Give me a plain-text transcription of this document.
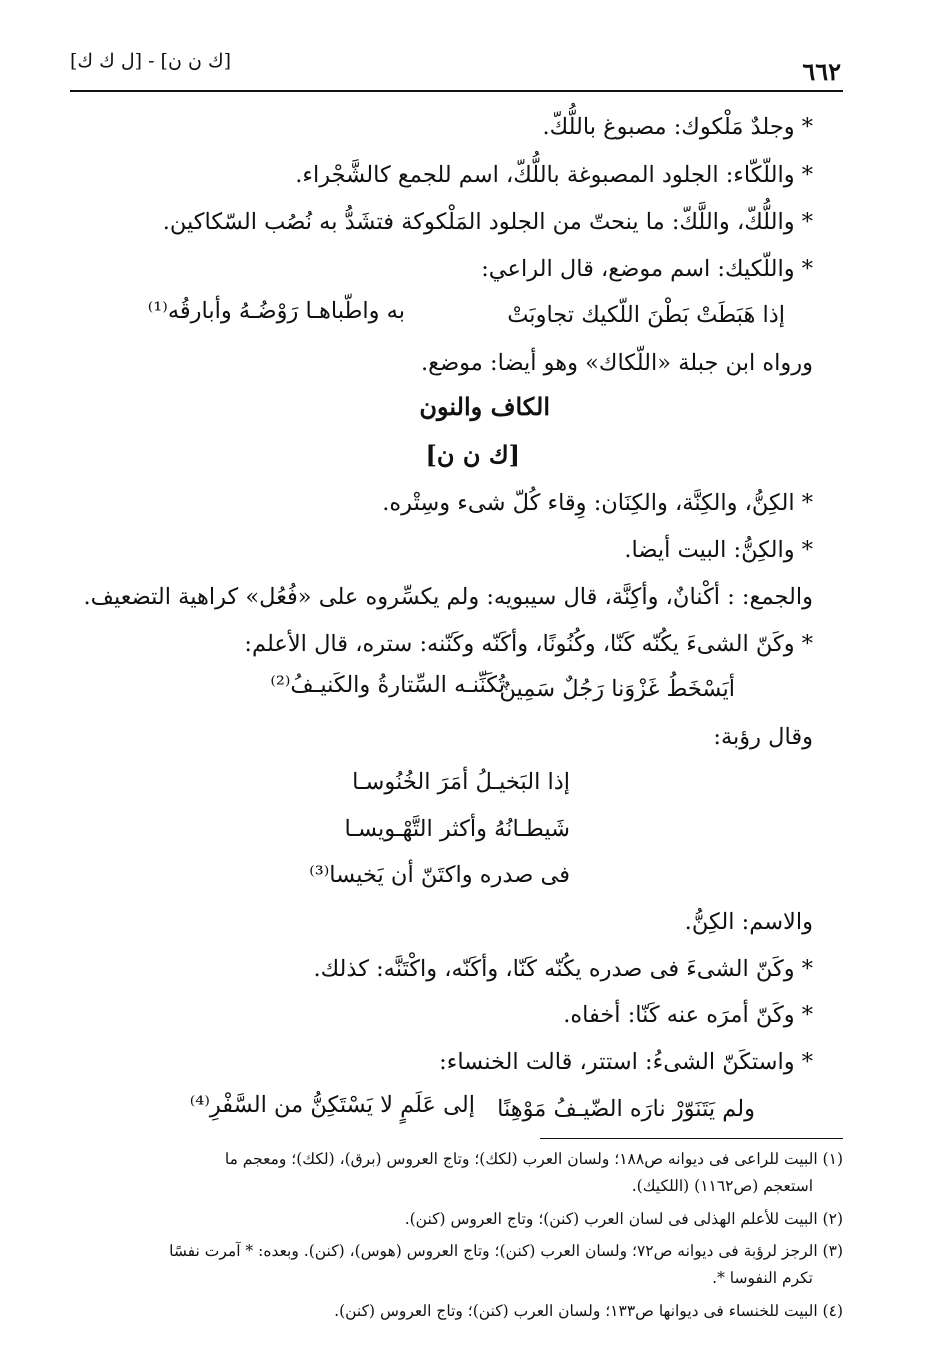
٦٦٢
[ل ك ك] - [ك ن ن]
* وجلدٌ مَلْكوك: مصبوغ باللُّكّ.
* واللّكّاء: الجلود المصبوغة باللُّكّ، اسم للجمع كالشَّجْراء.
* واللُّكّ، واللَّكّ: ما ينحتّ من الجلود المَلْكوكة فتشَدُّ به نُصُب السّكاكين.
* واللّكيك: اسم موضع، قال الراعي:
إذا هَبَطَتْ بَطْنَ اللّكيك تجاوبَتْ
به واطّباهـا رَوْضُـهُ وأبارقُه⁽¹⁾
ورواه ابن جبلة «اللّكاك» وهو أيضا: موضع.
الكاف والنون
[ك ن ن]
* الكِنُّ، والكِنَّة، والكِنَان: وِقاء كُلّ شىء وسِتْره.
* والكِنُّ: البيت أيضا.
والجمع: : أكْنانٌ، وأكِنَّة، قال سيبويه: ولم يكسِّروه على «فُعُل» كراهية التضعيف.
* وكَنّ الشىءَ يكُنّه كَنّا، وكُنُونًا، وأكَنّه وكَنّنه: ستره، قال الأعلم:
أيَسْخَطُ غَزْوَنا رَجُلٌ سَمِينٌ
تُكَنِّنـه السِّتارةُ والكَنيـفُ⁽²⁾
وقال رؤبة:
إذا البَخيـلُ أمَرَ الخُنُوسـا
شَيطـانُهُ وأكثر التَّهْـويسـا
فى صدره واكتَنّ أن يَخيسا⁽³⁾
والاسم: الكِنُّ.
* وكَنّ الشىءَ فى صدره يكُنّه كَنّا، وأكَنّه، واكْتَنَّه: كذلك.
* وكَنّ أمرَه عنه كَنّا: أخفاه.
* واستكَنّ الشىءُ: استتر، قالت الخنساء:
ولم يَتَنَوّرْ نارَه الضّيـفُ مَوْهِنًا
إلى عَلَمٍ لا يَسْتَكِنُّ من السَّفْرِ⁽⁴⁾
(١) البيت للراعى فى ديوانه ص١٨٨؛ ولسان العرب (لكك)؛ وتاج العروس (برق)، (لكك)؛ ومعجم ما
استعجم (ص١١٦٢) (اللكيك).
(٢) البيت للأعلم الهذلى فى لسان العرب (كنن)؛ وتاج العروس (كنن).
(٣) الرجز لرؤبة فى ديوانه ص٧٢؛ ولسان العرب (كنن)؛ وتاج العروس (هوس)، (كنن). وبعده: * آمرت نفسًا
تكرم النفوسا *.
(٤) البيت للخنساء فى ديوانها ص١٣٣؛ ولسان العرب (كنن)؛ وتاج العروس (كنن).
